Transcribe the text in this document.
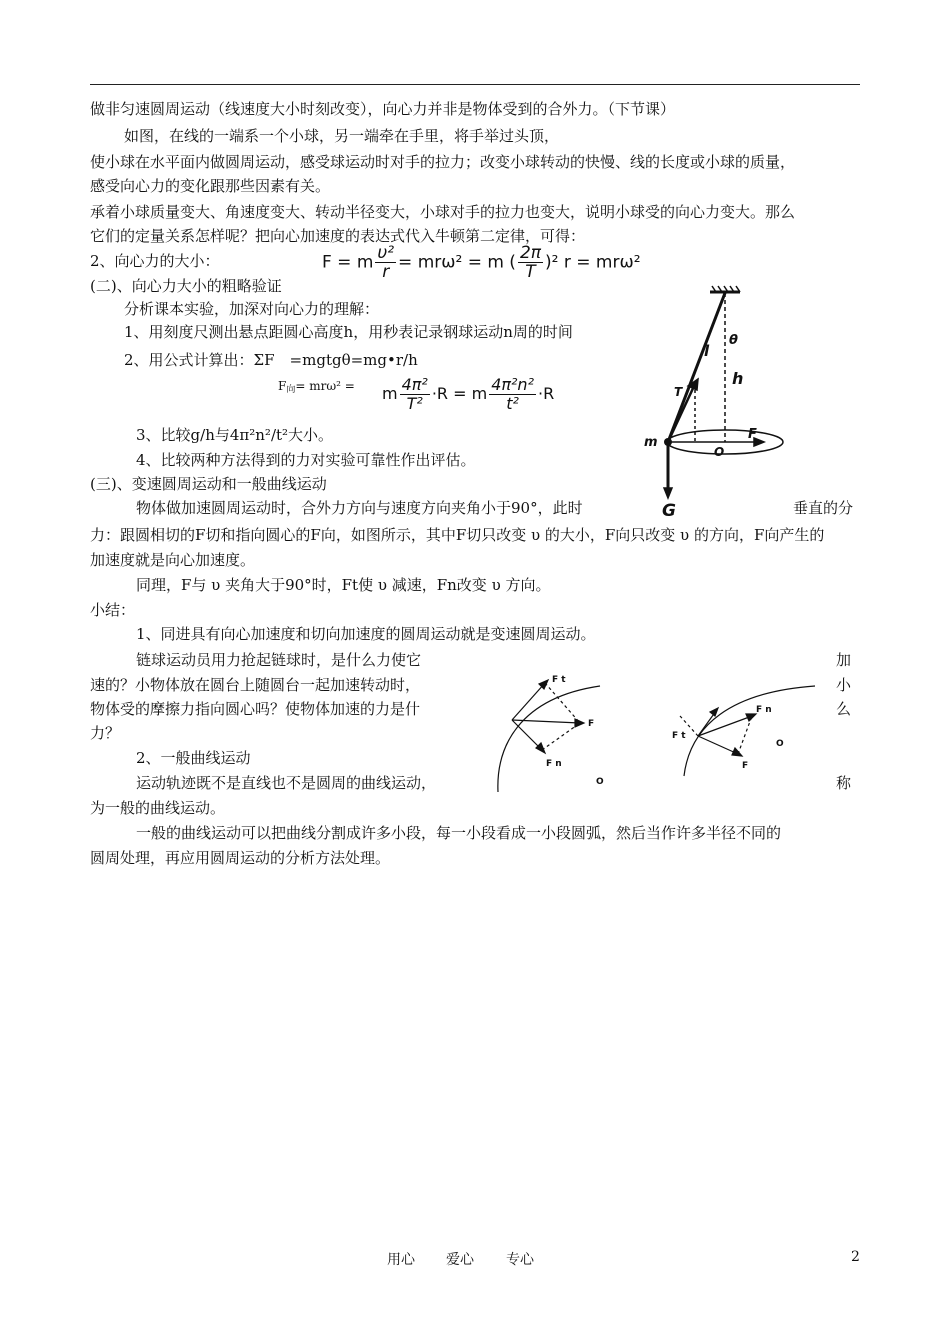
做非匀速圆周运动（线速度大小时刻改变），向心力并非是物体受到的合外力。（下节课）
如图，在线的一端系一个小球，另一端牵在手里，将手举过头顶，
使小球在水平面内做圆周运动，感受球运动时对手的拉力；改变小球转动的快慢、线的长度或小球的质量，
感受向心力的变化跟那些因素有关。
承着小球质量变大、角速度变大、转动半径变大，小球对手的拉力也变大，说明小球受的向心力变大。那么
它们的定量关系怎样呢？把向心加速度的表达式代入牛顿第二定律，可得：
2、向心力的大小：	F = m $\frac{\text{υ²}}{r} = mr\omega^2 = m$ ( $\frac{2\pi}{T} )^2$ r = mrω²
(二)、向心力大小的粗略验证
分析课本实验，加深对向心力的理解：
1、用刻度尺测出悬点距圆心高度h，用秒表记录钢球运动n周的时间
2、用公式计算出：ΣF　=mgtgθ=mg•r/h
$F_向= mr\omega^2 = m \frac{\text{4π²}}{\text{T²}} \cdot R = m \frac{\text{4π²n²}}{\text{t²}} \cdot R$
3、比较g/h与4π²n²/t²大小。
4、比较两种方法得到的力对实验可靠性作出评估。
(三)、变速圆周运动和一般曲线运动
物体做加速圆周运动时，合外力方向与速度方向夹角小于90°，此时	垂直的分
力：跟圆相切的F切和指向圆心的F向，如图所示，其中F切只改变 υ 的大小，F向只改变 υ 的方向，F向产生的
加速度就是向心加速度。
同理，F与 υ 夹角大于90°时，Ft使 υ 减速，Fn改变 υ 方向。
小结：
1、同进具有向心加速度和切向加速度的圆周运动就是变速圆周运动。
链球运动员用力抢起链球时，是什么力使它	加
速的？小物体放在圆台上随圆台一起加速转动时，	小
物体受的摩擦力指向圆心吗？使物体加速的力是什	么
力？
2、一般曲线运动
运动轨迹既不是直线也不是圆周的曲线运动，	称
为一般的曲线运动。
一般的曲线运动可以把曲线分割成许多小段，每一小段看成一小段圆弧，然后当作许多半径不同的
圆周处理，再应用圆周运动的分析方法处理。
l
θ
h
T
m
F
O
G
F t
F
F n
O
F n
F t
F
O
用心 爱心 专心	2
